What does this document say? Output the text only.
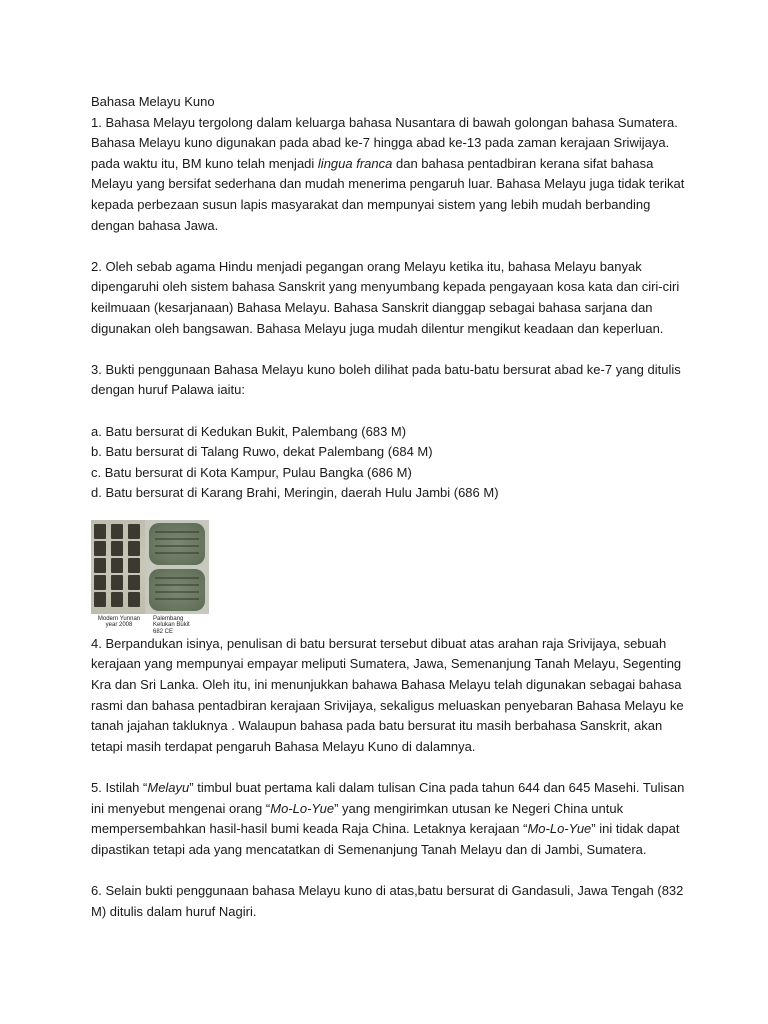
Bahasa Melayu Kuno

1. Bahasa Melayu tergolong dalam keluarga bahasa Nusantara di bawah golongan bahasa Sumatera. Bahasa Melayu kuno digunakan pada abad ke-7 hingga abad ke-13 pada zaman kerajaan Sriwijaya. pada waktu itu, BM kuno telah menjadi lingua franca dan bahasa pentadbiran kerana sifat bahasa Melayu yang bersifat sederhana dan mudah menerima pengaruh luar. Bahasa Melayu juga tidak terikat kepada perbezaan susun lapis masyarakat dan mempunyai sistem yang lebih mudah berbanding dengan bahasa Jawa.

2. Oleh sebab agama Hindu menjadi pegangan orang Melayu ketika itu, bahasa Melayu banyak dipengaruhi oleh sistem bahasa Sanskrit yang menyumbang kepada pengayaan kosa kata dan ciri-ciri keilmuaan (kesarjanaan) Bahasa Melayu. Bahasa Sanskrit dianggap sebagai bahasa sarjana dan digunakan oleh bangsawan. Bahasa Melayu juga mudah dilentur mengikut keadaan dan keperluan.

3. Bukti penggunaan Bahasa Melayu kuno boleh dilihat pada batu-batu bersurat abad ke-7 yang ditulis dengan huruf Palawa iaitu:

a. Batu bersurat di Kedukan Bukit, Palembang (683 M)

b. Batu bersurat di Talang Ruwo, dekat Palembang (684 M)

c. Batu bersurat di Kota Kampur, Pulau Bangka (686 M)

d. Batu bersurat di Karang Brahi, Meringin, daerah Hulu Jambi (686 M)

Modern Yunnan
year 2008
Palembang
Kelukan Bukit
682 CE

4. Berpandukan isinya, penulisan di batu bersurat tersebut dibuat atas arahan raja Srivijaya, sebuah kerajaan yang mempunyai empayar meliputi Sumatera, Jawa, Semenanjung Tanah Melayu, Segenting Kra dan Sri Lanka. Oleh itu, ini menunjukkan bahawa Bahasa Melayu telah digunakan sebagai bahasa rasmi dan bahasa pentadbiran kerajaan Srivijaya, sekaligus meluaskan penyebaran Bahasa Melayu ke tanah jajahan takluknya . Walaupun bahasa pada batu bersurat itu masih berbahasa Sanskrit, akan tetapi masih terdapat pengaruh Bahasa Melayu Kuno di dalamnya.

5. Istilah “Melayu” timbul buat pertama kali dalam tulisan Cina pada tahun 644 dan 645 Masehi. Tulisan ini menyebut mengenai orang “Mo-Lo-Yue” yang mengirimkan utusan ke Negeri China untuk mempersembahkan hasil-hasil bumi keada Raja China. Letaknya kerajaan “Mo-Lo-Yue” ini tidak dapat dipastikan tetapi ada yang mencatatkan di Semenanjung Tanah Melayu dan di Jambi, Sumatera.

6. Selain bukti penggunaan bahasa Melayu kuno di atas,batu bersurat di Gandasuli, Jawa Tengah (832 M) ditulis dalam huruf Nagiri.
